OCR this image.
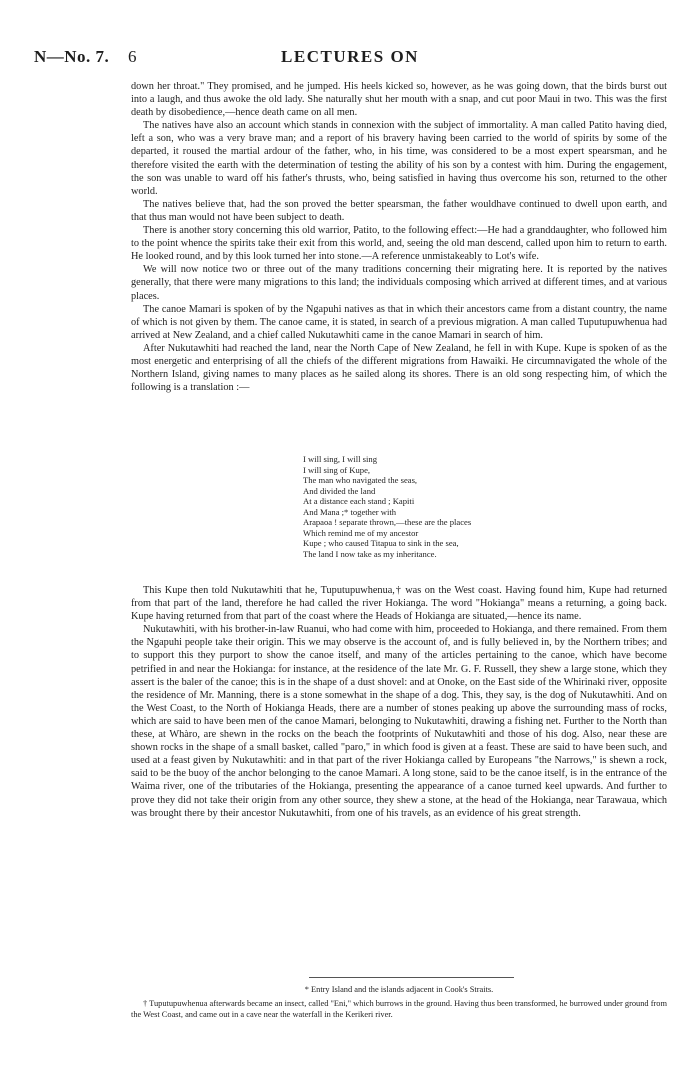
N—No. 7. 6	LECTURES ON

down her throat." They promised, and he jumped. His heels kicked so, however, as he was going down, that the birds burst out into a laugh, and thus awoke the old lady. She naturally shut her mouth with a snap, and cut poor Maui in two. This was the first death by disobedience,—hence death came on all men.

The natives have also an account which stands in connexion with the subject of immortality. A man called Patito having died, left a son, who was a very brave man; and a report of his bravery having been carried to the world of spirits by some of the departed, it roused the martial ardour of the father, who, in his time, was considered to be a most expert spearsman, and he therefore visited the earth with the determination of testing the ability of his son by a contest with him. During the engagement, the son was unable to ward off his father's thrusts, who, being satisfied in having thus overcome his son, returned to the other world.

The natives believe that, had the son proved the better spearsman, the father wouldhave continued to dwell upon earth, and that thus man would not have been subject to death.

There is another story concerning this old warrior, Patito, to the following effect:—He had a granddaughter, who followed him to the point whence the spirits take their exit from this world, and, seeing the old man descend, called upon him to return to earth. He looked round, and by this look turned her into stone.—A reference unmistakeably to Lot's wife.

We will now notice two or three out of the many traditions concerning their migrating here. It is reported by the natives generally, that there were many migrations to this land; the individuals composing which arrived at different times, and at various places.

The canoe Mamari is spoken of by the Ngapuhi natives as that in which their ancestors came from a distant country, the name of which is not given by them. The canoe came, it is stated, in search of a previous migration. A man called Tuputupuwhenua had arrived at New Zealand, and a chief called Nukutawhiti came in the canoe Mamari in search of him.

After Nukutawhiti had reached the land, near the North Cape of New Zealand, he fell in with Kupe. Kupe is spoken of as the most energetic and enterprising of all the chiefs of the different migrations from Hawaiki. He circumnavigated the whole of the Northern Island, giving names to many places as he sailed along its shores. There is an old song respecting him, of which the following is a translation :—

I will sing, I will sing
I will sing of Kupe,
The man who navigated the seas,
And divided the land
At a distance each stand ; Kapiti
And Mana ;* together with
Arapaoa ! separate thrown,—these are the places
Which remind me of my ancestor
Kupe ; who caused Titapua to sink in the sea,
The land I now take as my inheritance.

This Kupe then told Nukutawhiti that he, Tuputupuwhenua,† was on the West coast. Having found him, Kupe had returned from that part of the land, therefore he had called the river Hokianga. The word "Hokianga" means a returning, a going back. Kupe having returned from that part of the coast where the Heads of Hokianga are situated,—hence its name.

Nukutawhiti, with his brother-in-law Ruanui, who had come with him, proceeded to Hokianga, and there remained. From them the Ngapuhi people take their origin. This we may observe is the account of, and is fully believed in, by the Northern tribes; and to support this they purport to show the canoe itself, and many of the articles pertaining to the canoe, which have become petrified in and near the Hokianga: for instance, at the residence of the late Mr. G. F. Russell, they shew a large stone, which they assert is the baler of the canoe; this is in the shape of a dust shovel: and at Onoke, on the East side of the Whirinaki river, opposite the residence of Mr. Manning, there is a stone somewhat in the shape of a dog. This, they say, is the dog of Nukutawhiti. And on the West Coast, to the North of Hokianga Heads, there are a number of stones peaking up above the surrounding mass of rocks, which are said to have been men of the canoe Mamari, belonging to Nukutawhiti, drawing a fishing net. Further to the North than these, at Whàro, are shewn in the rocks on the beach the footprints of Nukutawhiti and those of his dog. Also, near these are shown rocks in the shape of a small basket, called "paro," in which food is given at a feast. These are said to have been such, and used at a feast given by Nukutawhiti: and in that part of the river Hokianga called by Europeans "the Narrows," is shewn a rock, said to be the buoy of the anchor belonging to the canoe Mamari. A long stone, said to be the canoe itself, is in the entrance of the Waima river, one of the tributaries of the Hokianga, presenting the appearance of a canoe turned keel upwards. And further to prove they did not take their origin from any other source, they shew a stone, at the head of the Hokianga, near Tarawaua, which was brought there by their ancestor Nukutawhiti, from one of his travels, as an evidence of his great strength.

* Entry Island and the islands adjacent in Cook's Straits.

† Tuputupuwhenua afterwards became an insect, called "Eni," which burrows in the ground. Having thus been transformed, he burrowed under ground from the West Coast, and came out in a cave near the waterfall in the Kerikeri river.
